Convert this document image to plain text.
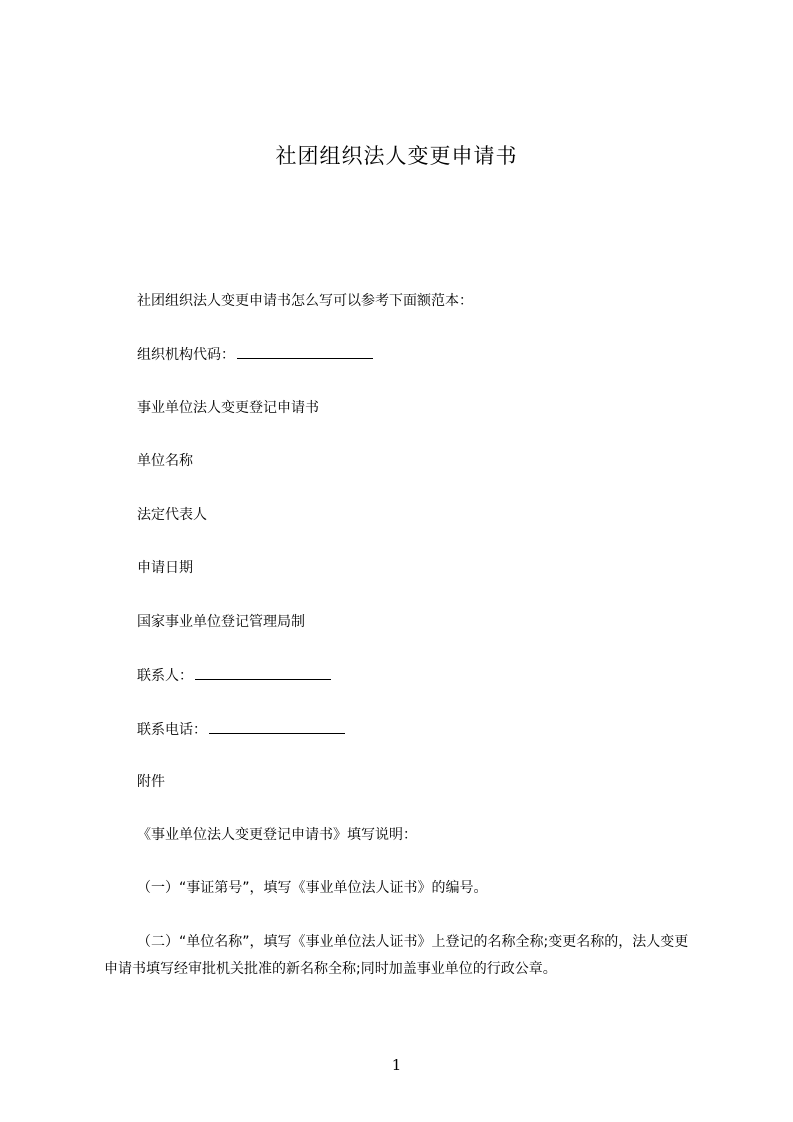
社团组织法人变更申请书
社团组织法人变更申请书怎么写可以参考下面额范本：
组织机构代码：
事业单位法人变更登记申请书
单位名称
法定代表人
申请日期
国家事业单位登记管理局制
联系人：
联系电话：
附件
《事业单位法人变更登记申请书》填写说明：
（一）“事证第号”，填写《事业单位法人证书》的编号。
（二）“单位名称”，填写《事业单位法人证书》上登记的名称全称;变更名称的，法人变更申请书填写经审批机关批准的新名称全称;同时加盖事业单位的行政公章。
1
